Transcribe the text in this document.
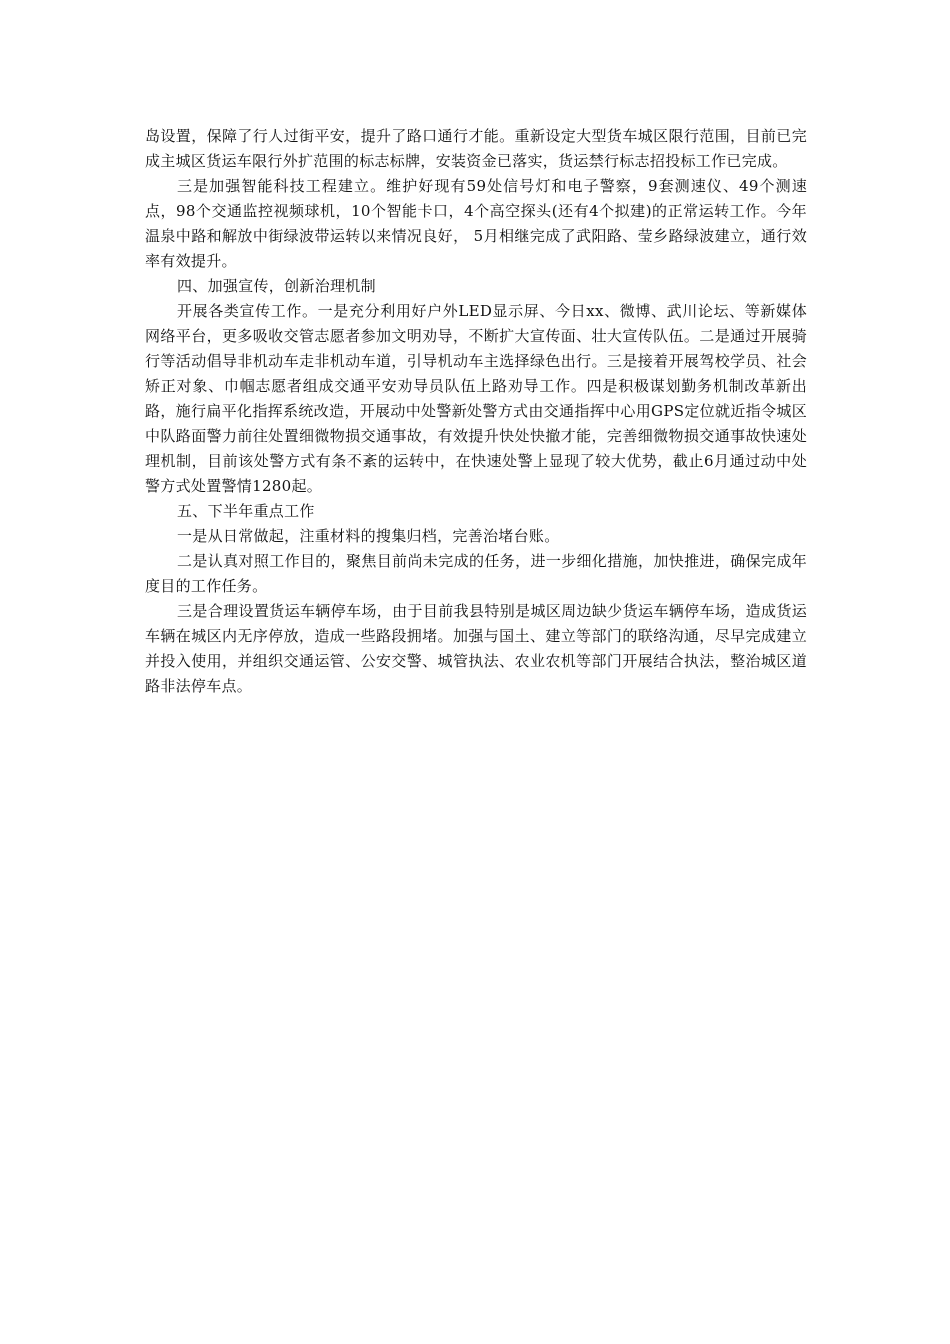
岛设置，保障了行人过街平安，提升了路口通行才能。重新设定大型货车城区限行范围，目前已完成主城区货运车限行外扩范围的标志标牌，安装资金已落实，货运禁行标志招投标工作已完成。

三是加强智能科技工程建立。维护好现有59处信号灯和电子警察，9套测速仪、49个测速点，98个交通监控视频球机，10个智能卡口，4个高空探头(还有4个拟建)的正常运转工作。今年温泉中路和解放中街绿波带运转以来情况良好， 5月相继完成了武阳路、莹乡路绿波建立，通行效率有效提升。

四、加强宣传，创新治理机制

开展各类宣传工作。一是充分利用好户外LED显示屏、今日xx、微博、武川论坛、等新媒体网络平台，更多吸收交管志愿者参加文明劝导，不断扩大宣传面、壮大宣传队伍。二是通过开展骑行等活动倡导非机动车走非机动车道，引导机动车主选择绿色出行。三是接着开展驾校学员、社会矫正对象、巾帼志愿者组成交通平安劝导员队伍上路劝导工作。四是积极谋划勤务机制改革新出路，施行扁平化指挥系统改造，开展动中处警新处警方式由交通指挥中心用GPS定位就近指令城区中队路面警力前往处置细微物损交通事故，有效提升快处快撤才能，完善细微物损交通事故快速处理机制，目前该处警方式有条不紊的运转中，在快速处警上显现了较大优势，截止6月通过动中处警方式处置警情1280起。

五、下半年重点工作

一是从日常做起，注重材料的搜集归档，完善治堵台账。

二是认真对照工作目的，聚焦目前尚未完成的任务，进一步细化措施，加快推进，确保完成年度目的工作任务。

三是合理设置货运车辆停车场，由于目前我县特别是城区周边缺少货运车辆停车场，造成货运车辆在城区内无序停放，造成一些路段拥堵。加强与国土、建立等部门的联络沟通，尽早完成建立并投入使用，并组织交通运管、公安交警、城管执法、农业农机等部门开展结合执法，整治城区道路非法停车点。
